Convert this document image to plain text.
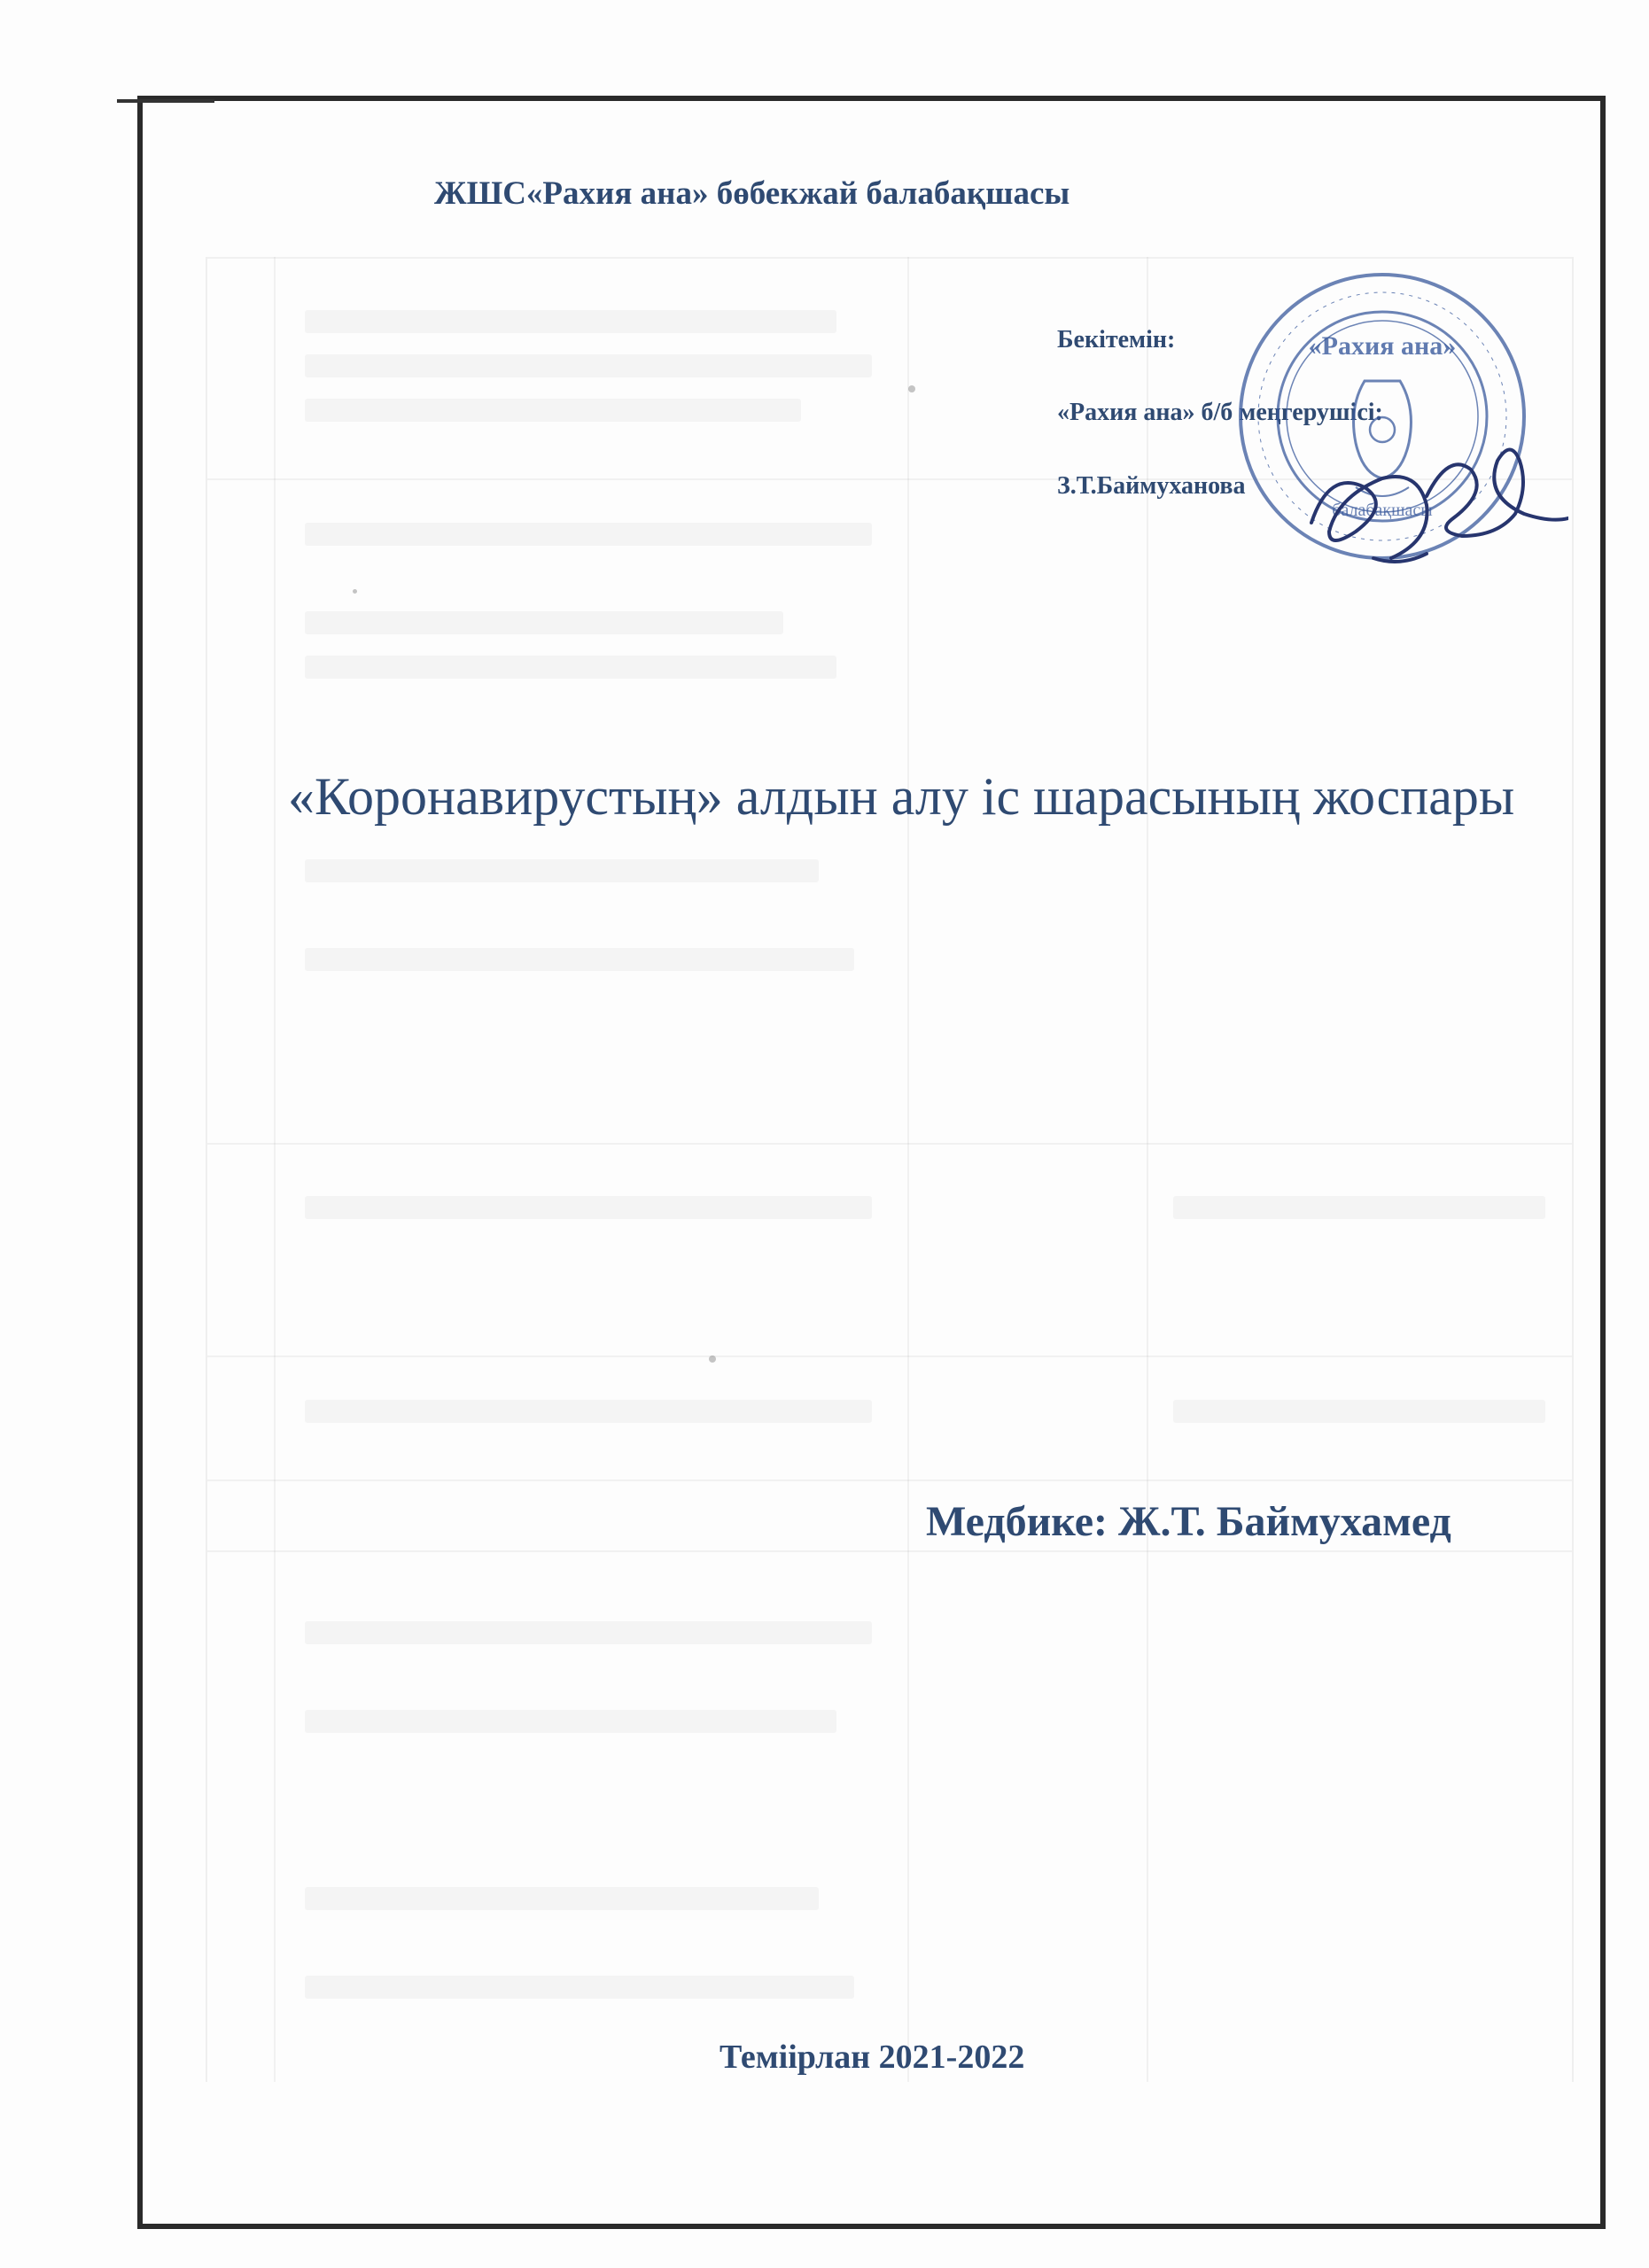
ЖШС«Рахия ана» бөбекжай балабақшасы
Бекітемін:
«Рахия ана» б/б меңгерушісі:
З.Т.Баймуханова
«Рахия ана»
балабақшасы
«Коронавирустың» алдын алу іс шарасының жоспары
Медбике: Ж.Т. Баймухамед
Теміірлан 2021-2022
